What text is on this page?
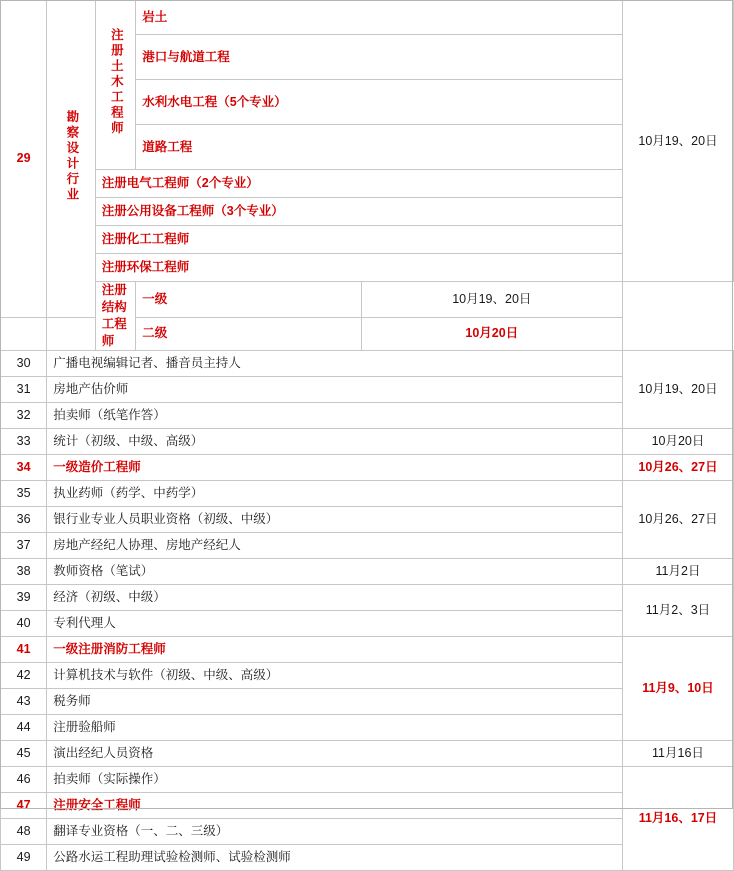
29	勘察设计行业	注册土木工程师	岩土		10月19、20日
			港口与航道工程		
			水利水电工程（5个专业）		
			道路工程		
		注册电气工程师（2个专业）			
		注册公用设备工程师（3个专业）			
		注册化工工程师			
		注册环保工程师			
		注册结构工程师	一级	10月19、20日	
			二级	10月20日	
30	广播电视编辑记者、播音员主持人				10月19、20日
31	房地产估价师				
32	拍卖师（纸笔作答）				
33	统计（初级、中级、高级）				10月20日
34	一级造价工程师				10月26、27日
35	执业药师（药学、中药学）				10月26、27日
36	银行业专业人员职业资格（初级、中级）				
37	房地产经纪人协理、房地产经纪人				
38	教师资格（笔试）				11月2日
39	经济（初级、中级）				11月2、3日
40	专利代理人				
41	一级注册消防工程师				11月9、10日
42	计算机技术与软件（初级、中级、高级）				
43	税务师				
44	注册验船师				
45	演出经纪人员资格				11月16日
46	拍卖师（实际操作）				11月16、17日
47	注册安全工程师				
48	翻译专业资格（一、二、三级）				
49	公路水运工程助理试验检测师、试验检测师				
